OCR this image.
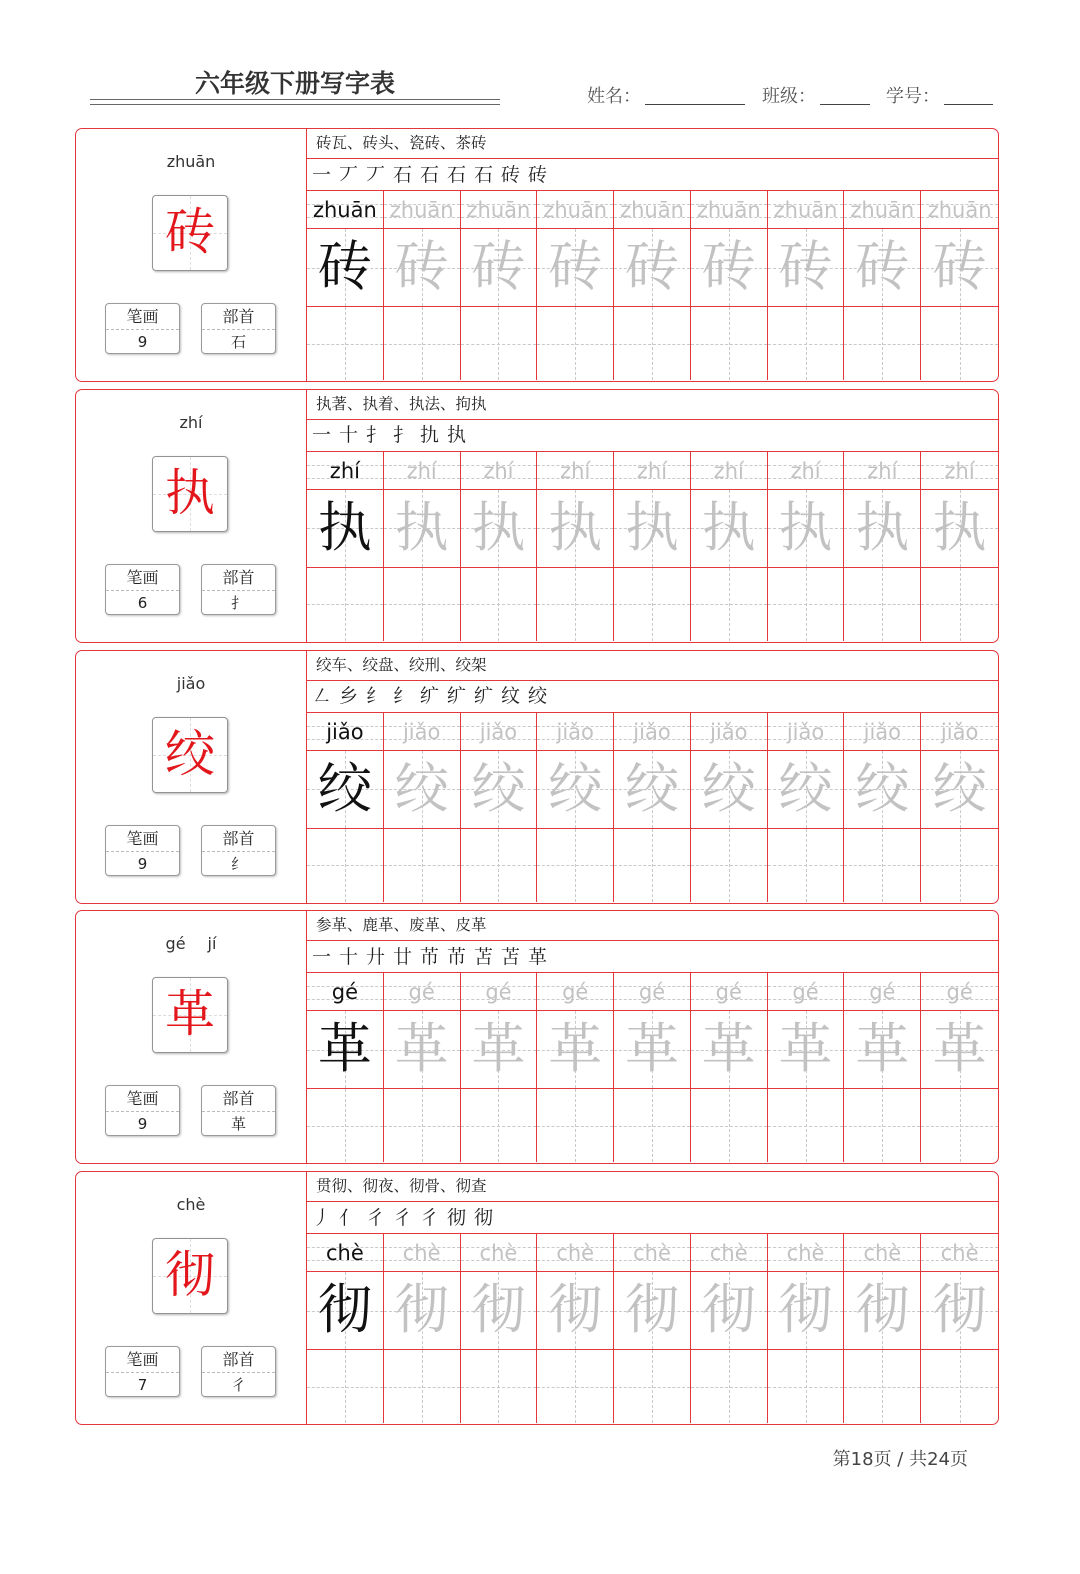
六年级下册写字表	姓名：	班级：	学号：
zhuān
砖
笔画
9
部首
石
砖瓦、砖头、瓷砖、茶砖
一 丆 丆 石 石 石 石 砖 砖
zhuān zhuān zhuān zhuān zhuān zhuān zhuān zhuān zhuān
砖 砖 砖 砖 砖 砖 砖 砖 砖
zhí
执
笔画
6
部首
扌
执著、执着、执法、拘执
一 十 扌 扌 扏 执
zhí	zhí	zhí	zhí	zhí	zhí	zhí	zhí	zhí
执 执 执 执 执 执 执 执 执
jiǎo
绞
笔画
9
部首
纟
绞车、绞盘、绞刑、绞架
㇜ 乡 纟 纟 纩 纩 纩 纹 绞
jiǎo	jiǎo	jiǎo	jiǎo	jiǎo	jiǎo	jiǎo	jiǎo	jiǎo
绞 绞 绞 绞 绞 绞 绞 绞 绞
gé jí
革
笔画
9
部首
革
参革、鹿革、废革、皮革
一 十 廾 廿 芇 芇 苫 苫 革
gé	gé	gé	gé	gé	gé	gé	gé	gé
革 革 革 革 革 革 革 革 革
chè
彻
笔画
7
部首
彳
贯彻、彻夜、彻骨、彻查
丿 亻 彳 彳 彳 彻 彻
chè	chè	chè	chè	chè	chè	chè	chè	chè
彻 彻 彻 彻 彻 彻 彻 彻 彻
第18页 / 共24页
